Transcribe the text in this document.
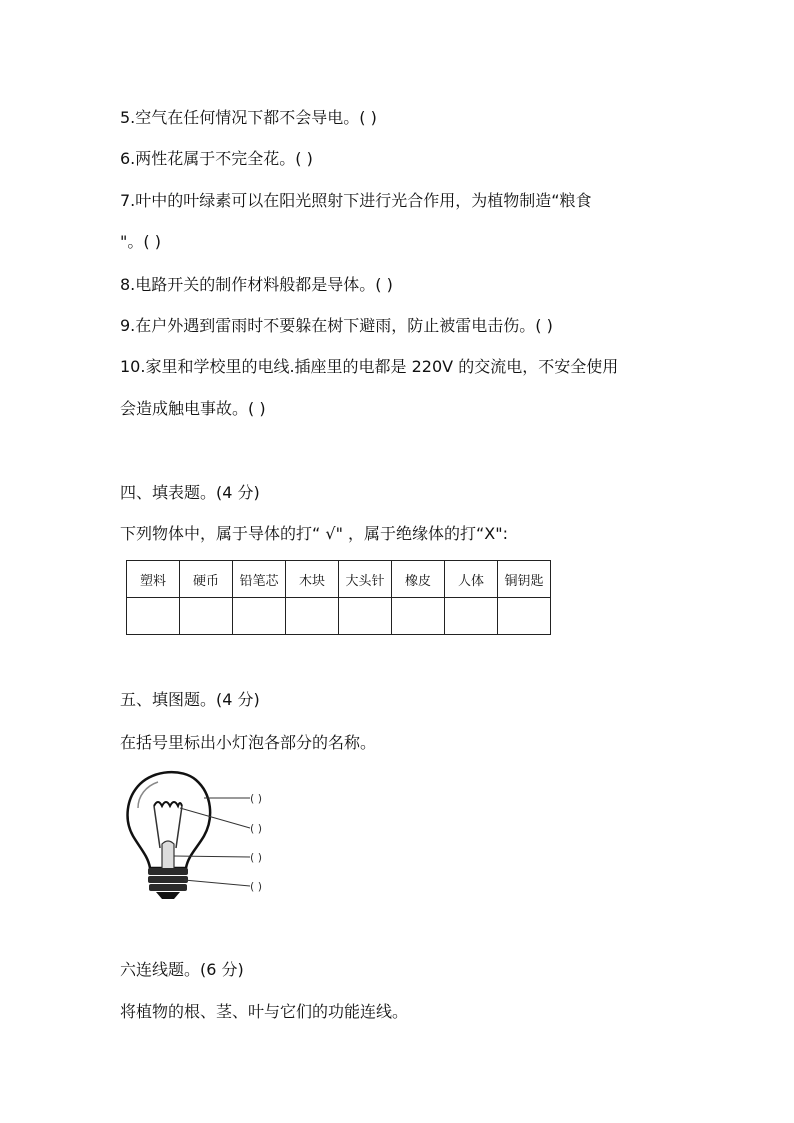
5.空气在任何情况下都不会导电。( )
6.两性花属于不完全花。( )
7.叶中的叶绿素可以在阳光照射下进行光合作用，为植物制造“粮食
"。( )
8.电路开关的制作材料般都是导体。( )
9.在户外遇到雷雨时不要躲在树下避雨，防止被雷电击伤。( )
10.家里和学校里的电线.插座里的电都是 220V 的交流电，不安全使用
会造成触电事故。( )
四、填表题。(4 分)
下列物体中，属于导体的打“ √" ，属于绝缘体的打“X":
塑料	硬币	铅笔芯	木块	大头针	橡皮	人体	铜钥匙

五、填图题。(4 分)
在括号里标出小灯泡各部分的名称。
( )
( )
( )
( )
六连线题。(6 分)
将植物的根、茎、叶与它们的功能连线。
